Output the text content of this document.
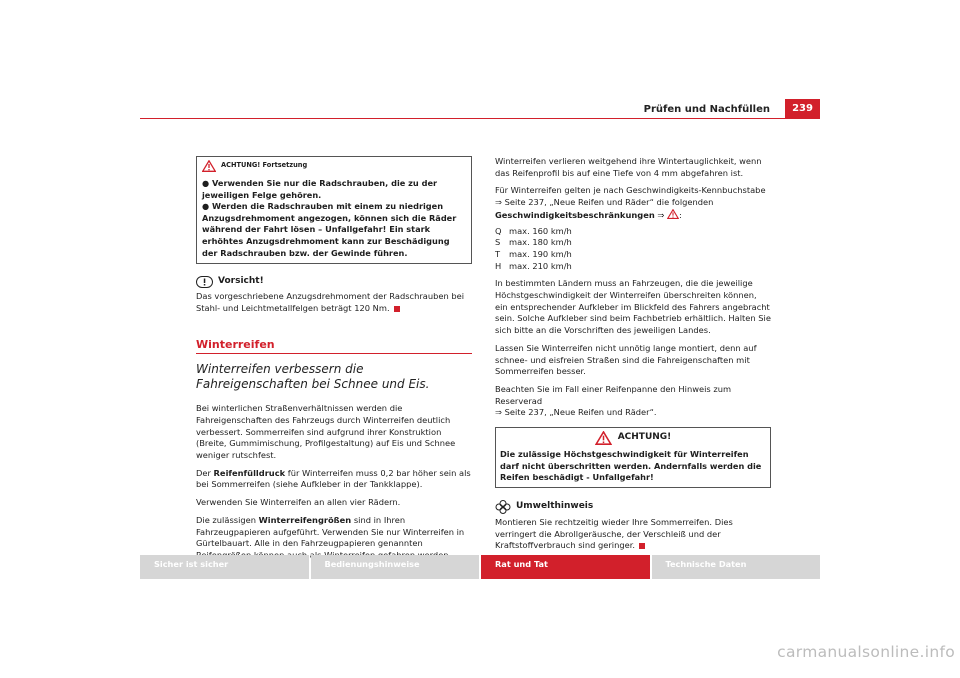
Prüfen und Nachfüllen	239
ACHTUNG! Fortsetzung

● Verwenden Sie nur die Radschrauben, die zu der jeweiligen Felge gehören.

● Werden die Radschrauben mit einem zu niedrigen Anzugsdrehmoment angezogen, können sich die Räder während der Fahrt lösen – Unfallgefahr! Ein stark erhöhtes Anzugsdrehmoment kann zur Beschädigung der Radschrauben bzw. der Gewinde führen.

Vorsicht!

Das vorgeschriebene Anzugsdrehmoment der Radschrauben bei Stahl- und Leichtmetallfelgen beträgt 120 Nm.

Winterreifen
Winterreifen verbessern die Fahreigenschaften bei Schnee und Eis.

Bei winterlichen Straßenverhältnissen werden die Fahreigenschaften des Fahrzeugs durch Winterreifen deutlich verbessert. Sommerreifen sind aufgrund ihrer Konstruktion (Breite, Gummimischung, Profilgestaltung) auf Eis und Schnee weniger rutschfest.

Der Reifenfülldruck für Winterreifen muss 0,2 bar höher sein als bei Sommerreifen (siehe Aufkleber in der Tankklappe).

Verwenden Sie Winterreifen an allen vier Rädern.

Die zulässigen Winterreifengrößen sind in Ihren Fahrzeugpapieren aufgeführt. Verwenden Sie nur Winterreifen in Gürtelbauart. Alle in den Fahrzeugpapieren genannten

Winterreifen verlieren weitgehend ihre Wintertauglichkeit, wenn das Reifenprofil bis auf eine Tiefe von 4 mm abgefahren ist.

Für Winterreifen gelten je nach Geschwindigkeits-Kennbuchstabe
⇒ Seite 237, „Neue Reifen und Räder“ die folgenden Geschwindigkeitsbeschränkungen ⇒ :

Q max. 160 km/h
S	max. 180 km/h
T	max. 190 km/h
H max. 210 km/h

In bestimmten Ländern muss an Fahrzeugen, die die jeweilige Höchstgeschwindigkeit der Winterreifen überschreiten können, ein entsprechender Aufkleber im Blickfeld des Fahrers angebracht sein. Solche Aufkleber sind beim Fachbetrieb erhältlich. Halten Sie sich bitte an die Vorschriften des jeweiligen Landes.

Lassen Sie Winterreifen nicht unnötig lange montiert, denn auf schnee- und eisfreien Straßen sind die Fahreigenschaften mit Sommerreifen besser.

Beachten Sie im Fall einer Reifenpanne den Hinweis zum Reserverad
⇒ Seite 237, „Neue Reifen und Räder“.

ACHTUNG!

Die zulässige Höchstgeschwindigkeit für Winterreifen darf nicht überschritten werden. Andernfalls werden die Reifen beschädigt - Unfallgefahr!

Umwelthinweis

Montieren Sie rechtzeitig wieder Ihre Sommerreifen. Dies verringert die Abrollgeräusche, der Verschleiß und der Kraftstoffverbrauch sind geringer.

Sicher ist sicher	Bedienungshinweise	Rat und Tat	Technische Daten
carmanualsonline.info
